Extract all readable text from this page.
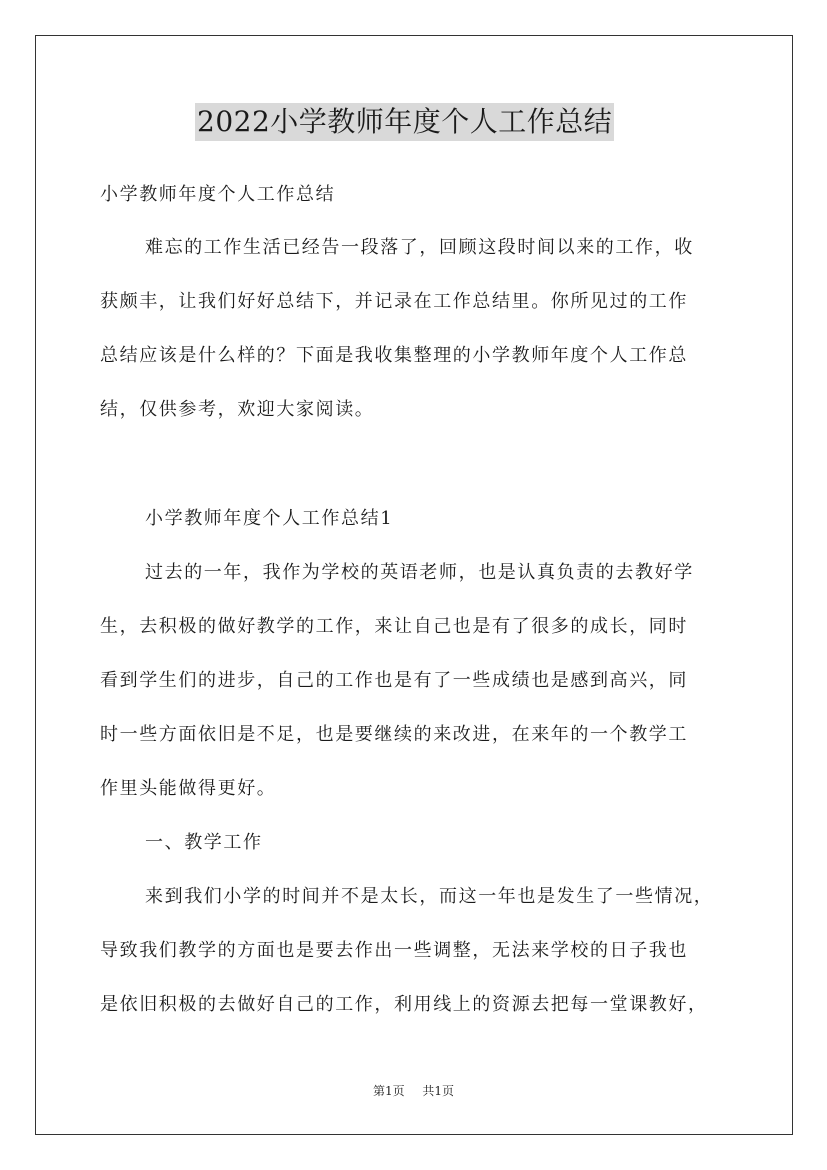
2022小学教师年度个人工作总结
小学教师年度个人工作总结
难忘的工作生活已经告一段落了，回顾这段时间以来的工作，收
获颇丰，让我们好好总结下，并记录在工作总结里。你所见过的工作
总结应该是什么样的？下面是我收集整理的小学教师年度个人工作总
结，仅供参考，欢迎大家阅读。
小学教师年度个人工作总结1
过去的一年，我作为学校的英语老师，也是认真负责的去教好学
生，去积极的做好教学的工作，来让自己也是有了很多的成长，同时
看到学生们的进步，自己的工作也是有了一些成绩也是感到高兴，同
时一些方面依旧是不足，也是要继续的来改进，在来年的一个教学工
作里头能做得更好。
一、教学工作
来到我们小学的时间并不是太长，而这一年也是发生了一些情况，
导致我们教学的方面也是要去作出一些调整，无法来学校的日子我也
是依旧积极的去做好自己的工作，利用线上的资源去把每一堂课教好，
第1页 共1页
